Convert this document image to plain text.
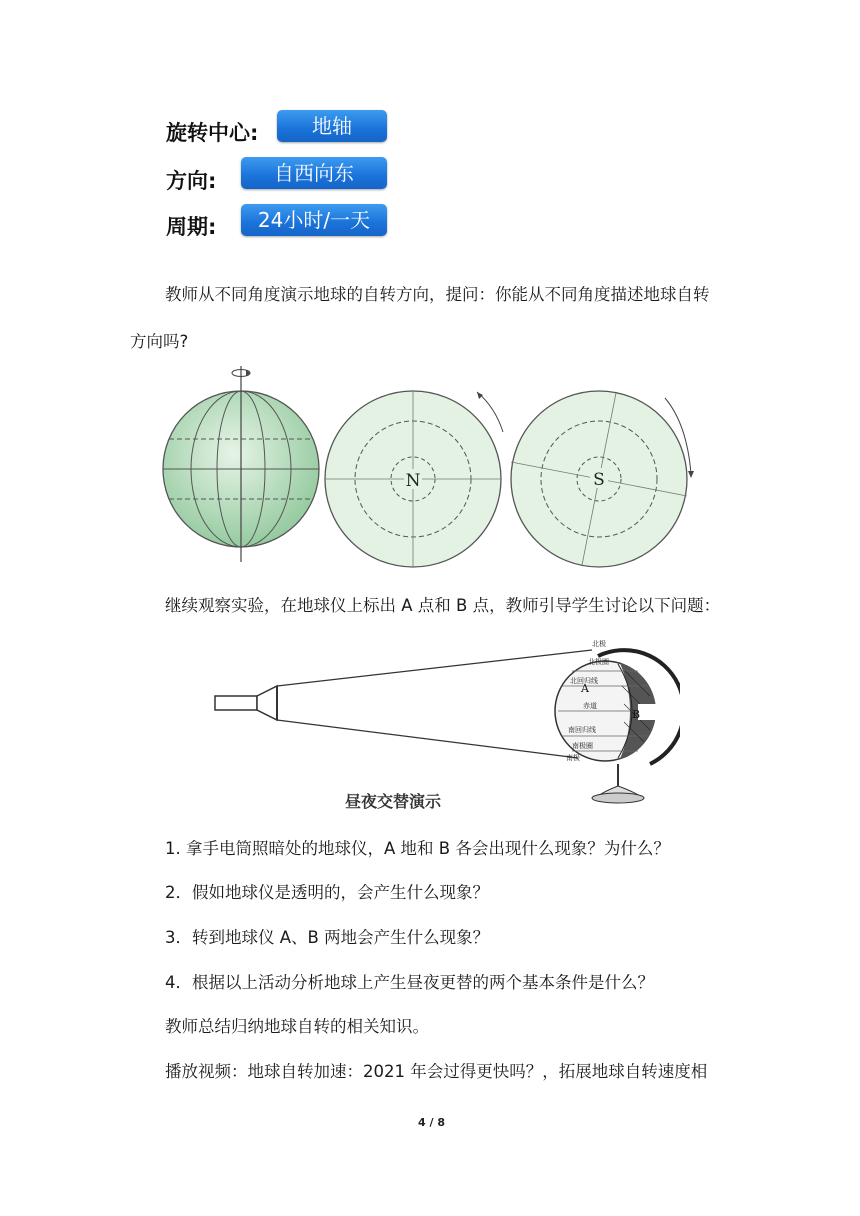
旋转中心:	地轴
方向:	自西向东
周期:	24小时/一天
教师从不同角度演示地球的自转方向，提问：你能从不同角度描述地球自转
方向吗?
N	S
继续观察实验，在地球仪上标出 A 点和 B 点，教师引导学生讨论以下问题：
A
B
北极
北极圈
北回归线
赤道
南回归线
南极圈
南极
昼夜交替演示
1. 拿手电筒照暗处的地球仪，A 地和 B 各会出现什么现象？为什么？
2．假如地球仪是透明的，会产生什么现象？
3．转到地球仪 A、B 两地会产生什么现象？
4．根据以上活动分析地球上产生昼夜更替的两个基本条件是什么？
教师总结归纳地球自转的相关知识。
播放视频：地球自转加速：2021 年会过得更快吗？，拓展地球自转速度相
4 / 8
